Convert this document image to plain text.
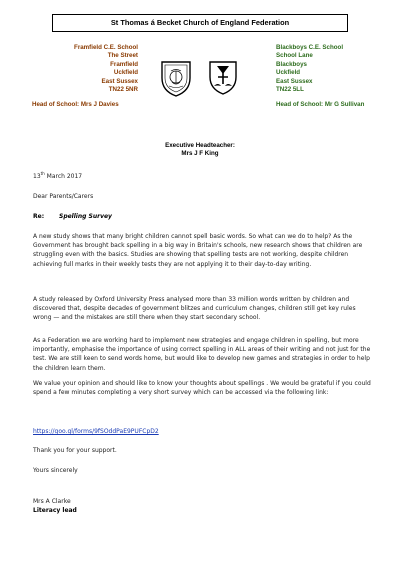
St Thomas á Becket Church of England Federation
Framfield C.E. School
The Street
Framfield
Uckfield
East Sussex
TN22 5NR
Blackboys C.E. School
School Lane
Blackboys
Uckfield
East Sussex
TN22 5LL
Head of School: Mrs J Davies	Head of School: Mr G Sullivan
Executive Headteacher:
Mrs J F King
13th March 2017
Dear Parents/Carers
Re: Spelling Survey
A new study shows that many bright children cannot spell basic words. So what can we do to help? As the Government has brought back spelling in a big way in Britain's schools, new research shows that children are struggling even with the basics. Studies are showing that spelling tests are not working, despite children achieving full marks in their weekly tests they are not applying it to their day-to-day writing.
A study released by Oxford University Press analysed more than 33 million words written by children and discovered that, despite decades of government blitzes and curriculum changes, children still get key rules wrong — and the mistakes are still there when they start secondary school.
As a Federation we are working hard to implement new strategies and engage children in spelling, but more importantly, emphasise the importance of using correct spelling in ALL areas of their writing and not just for the test. We are still keen to send words home, but would like to develop new games and strategies in order to help the children learn them.
We value your opinion and should like to know your thoughts about spellings . We would be grateful if you could spend a few minutes completing a very short survey which can be accessed via the following link:
https://goo.gl/forms/9fSOddPaE9PUFCpD2
Thank you for your support.
Yours sincerely
Mrs A Clarke
Literacy lead
